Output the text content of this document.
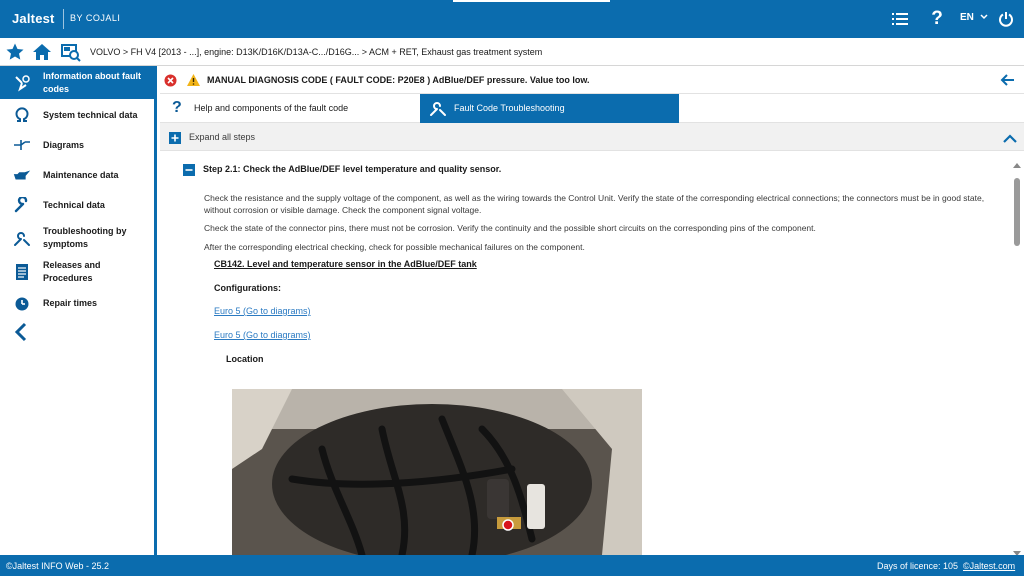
Jaltest BY COJALI	?	EN
VOLVO > FH V4 [2013 - ...], engine: D13K/D16K/D13A-C.../D16G... > ACM + RET, Exhaust gas treatment system
Information about fault codes
System technical data
Diagrams
Maintenance data
Technical data
Troubleshooting by symptoms
Releases and Procedures
Repair times
MANUAL DIAGNOSIS CODE ( FAULT CODE: P20E8 ) AdBlue/DEF pressure. Value too low.
? Help and components of the fault code	Fault Code Troubleshooting
Expand all steps
Step 2.1: Check the AdBlue/DEF level temperature and quality sensor.

Check the resistance and the supply voltage of the component, as well as the wiring towards the Control Unit. Verify the state of the corresponding electrical connections; the connectors must be in good state, without corrosion or visible damage. Check the component signal voltage.

Check the state of the connector pins, there must not be corrosion. Verify the continuity and the possible short circuits on the corresponding pins of the component.

After the corresponding electrical checking, check for possible mechanical failures on the component.

CB142. Level and temperature sensor in the AdBlue/DEF tank
Configurations:
Euro 5 (Go to diagrams)
Euro 5 (Go to diagrams)
Location
©Jaltest INFO Web - 25.2	Days of licence: 105 ©Jaltest.com
